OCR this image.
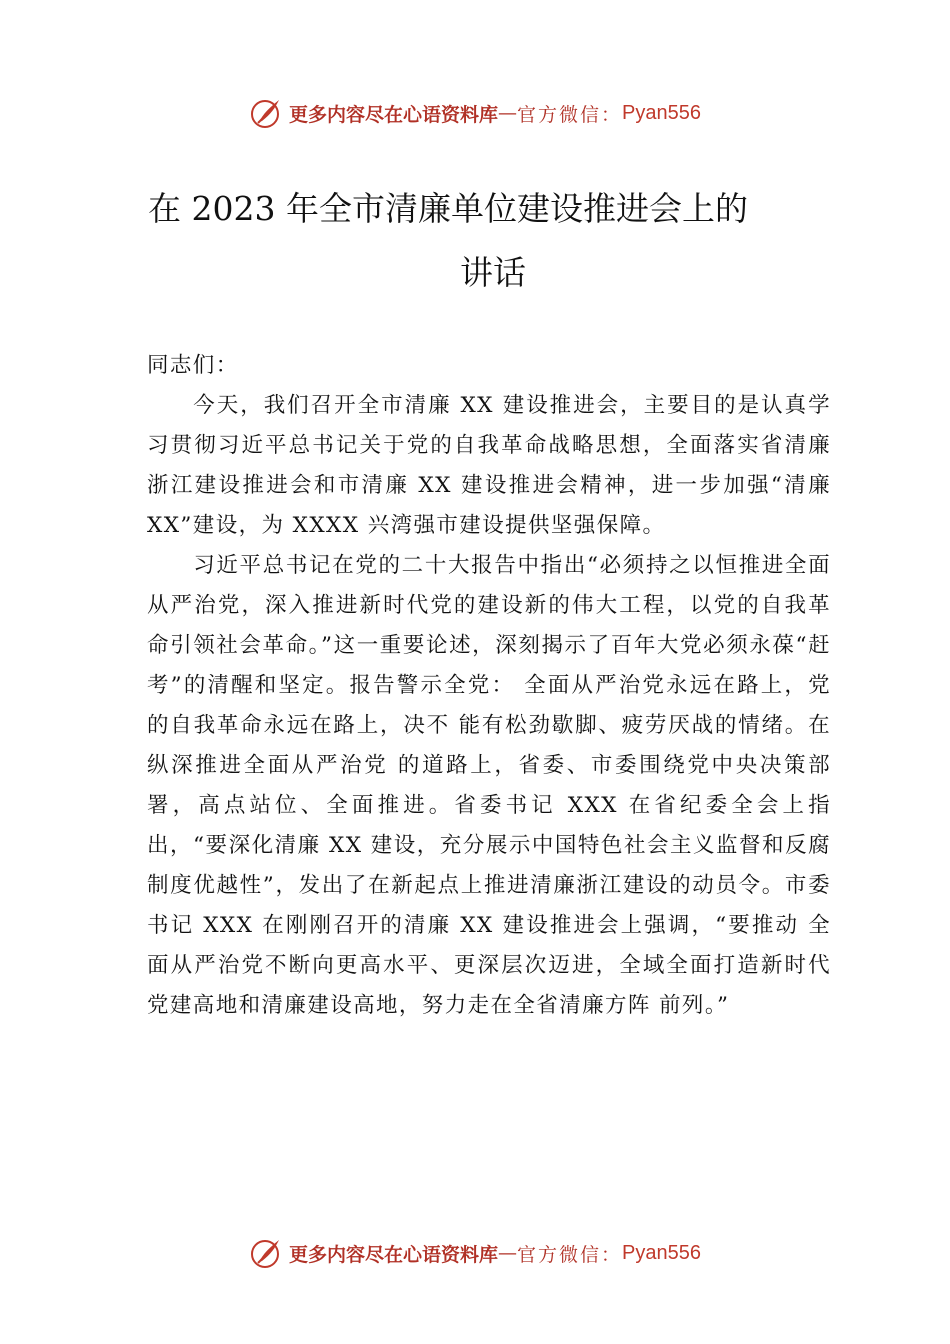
更多内容尽在心语资料库 — 官方微信： Pyan556
在 2023 年全市清廉单位建设推进会上的
讲话

同志们：

今天，我们召开全市清廉 XX 建设推进会，主要目的是认真学习贯彻习近平总书记关于党的自我革命战略思想，全面落实省清廉浙江建设推进会和市清廉 XX 建设推进会精神，进一步加强“清廉 XX”建设，为 XXXX 兴湾强市建设提供坚强保障。

习近平总书记在党的二十大报告中指出“必须持之以恒推进全面从严治党，深入推进新时代党的建设新的伟大工程，以党的自我革命引领社会革命。”这一重要论述，深刻揭示了百年大党必须永葆“赶考”的清醒和坚定。报告警示全党： 全面从严治党永远在路上，党的自我革命永远在路上，决不 能有松劲歇脚、疲劳厌战的情绪。在纵深推进全面从严治党 的道路上，省委、市委围绕党中央决策部署，高点站位、全面推进。省委书记 XXX 在省纪委全会上指出，“要深化清廉 XX 建设，充分展示中国特色社会主义监督和反腐制度优越性”，发出了在新起点上推进清廉浙江建设的动员令。市委书记 XXX 在刚刚召开的清廉 XX 建设推进会上强调，“要推动 全面从严治党不断向更高水平、更深层次迈进，全域全面打造新时代党建高地和清廉建设高地，努力走在全省清廉方阵 前列。”

更多内容尽在心语资料库 — 官方微信： Pyan556
